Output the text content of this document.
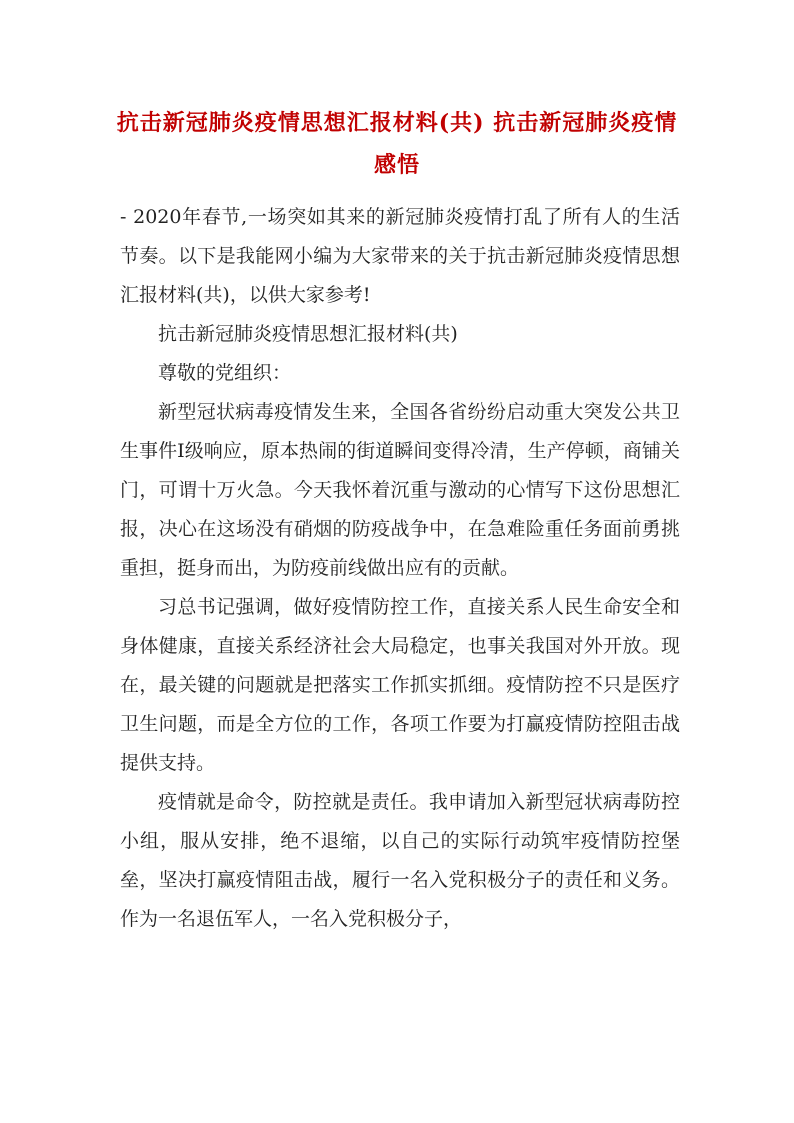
抗击新冠肺炎疫情思想汇报材料(共) 抗击新冠肺炎疫情感悟

- 2020年春节,一场突如其来的新冠肺炎疫情打乱了所有人的生活节奏。以下是我能网小编为大家带来的关于抗击新冠肺炎疫情思想汇报材料(共)，以供大家参考!

抗击新冠肺炎疫情思想汇报材料(共)

尊敬的党组织：

新型冠状病毒疫情发生来，全国各省纷纷启动重大突发公共卫生事件Ⅰ级响应，原本热闹的街道瞬间变得冷清，生产停顿，商铺关门，可谓十万火急。今天我怀着沉重与激动的心情写下这份思想汇报，决心在这场没有硝烟的防疫战争中，在急难险重任务面前勇挑重担，挺身而出，为防疫前线做出应有的贡献。

习总书记强调，做好疫情防控工作，直接关系人民生命安全和身体健康，直接关系经济社会大局稳定，也事关我国对外开放。现在，最关键的问题就是把落实工作抓实抓细。疫情防控不只是医疗卫生问题，而是全方位的工作，各项工作要为打赢疫情防控阻击战提供支持。

疫情就是命令，防控就是责任。我申请加入新型冠状病毒防控小组，服从安排，绝不退缩，以自己的实际行动筑牢疫情防控堡垒，坚决打赢疫情阻击战，履行一名入党积极分子的责任和义务。作为一名退伍军人，一名入党积极分子，
